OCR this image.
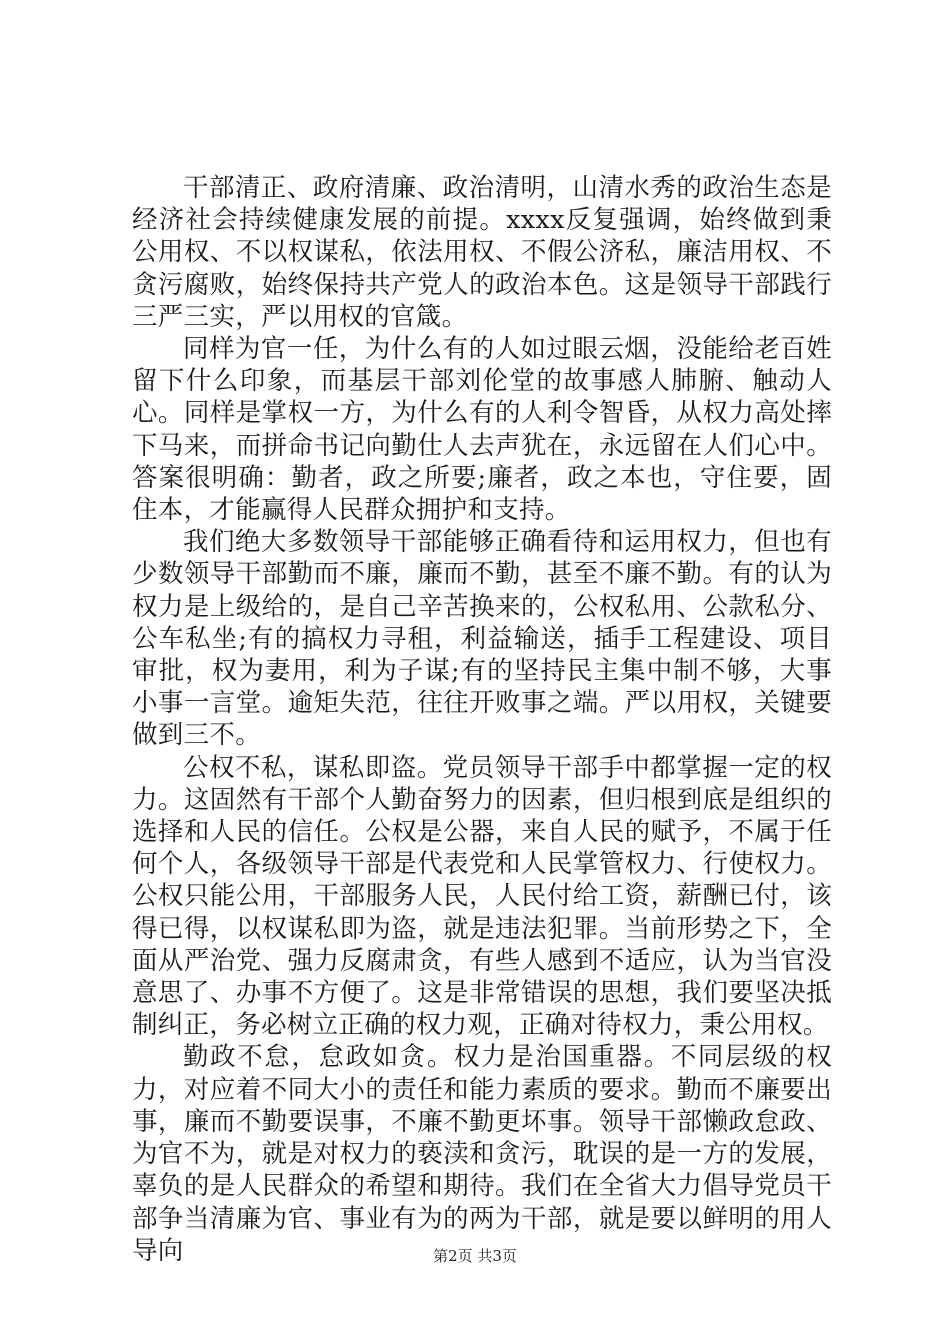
干部清正、政府清廉、政治清明，山清水秀的政治生态是经济社会持续健康发展的前提。xxxx反复强调，始终做到秉公用权、不以权谋私，依法用权、不假公济私，廉洁用权、不贪污腐败，始终保持共产党人的政治本色。这是领导干部践行三严三实，严以用权的官箴。

同样为官一任，为什么有的人如过眼云烟，没能给老百姓留下什么印象，而基层干部刘伦堂的故事感人肺腑、触动人心。同样是掌权一方，为什么有的人利令智昏，从权力高处摔下马来，而拼命书记向勤仕人去声犹在，永远留在人们心中。答案很明确：勤者，政之所要;廉者，政之本也，守住要，固住本，才能赢得人民群众拥护和支持。

我们绝大多数领导干部能够正确看待和运用权力，但也有少数领导干部勤而不廉，廉而不勤，甚至不廉不勤。有的认为权力是上级给的，是自己辛苦换来的，公权私用、公款私分、公车私坐;有的搞权力寻租，利益输送，插手工程建设、项目审批，权为妻用，利为子谋;有的坚持民主集中制不够，大事小事一言堂。逾矩失范，往往开败事之端。严以用权，关键要做到三不。

公权不私，谋私即盗。党员领导干部手中都掌握一定的权力。这固然有干部个人勤奋努力的因素，但归根到底是组织的选择和人民的信任。公权是公器，来自人民的赋予，不属于任何个人，各级领导干部是代表党和人民掌管权力、行使权力。公权只能公用，干部服务人民，人民付给工资，薪酬已付，该得已得，以权谋私即为盗，就是违法犯罪。当前形势之下，全面从严治党、强力反腐肃贪，有些人感到不适应，认为当官没意思了、办事不方便了。这是非常错误的思想，我们要坚决抵制纠正，务必树立正确的权力观，正确对待权力，秉公用权。

勤政不怠，怠政如贪。权力是治国重器。不同层级的权力，对应着不同大小的责任和能力素质的要求。勤而不廉要出事，廉而不勤要误事，不廉不勤更坏事。领导干部懒政怠政、为官不为，就是对权力的亵渎和贪污，耽误的是一方的发展，辜负的是人民群众的希望和期待。我们在全省大力倡导党员干部争当清廉为官、事业有为的两为干部，就是要以鲜明的用人导向	第2页 共3页
